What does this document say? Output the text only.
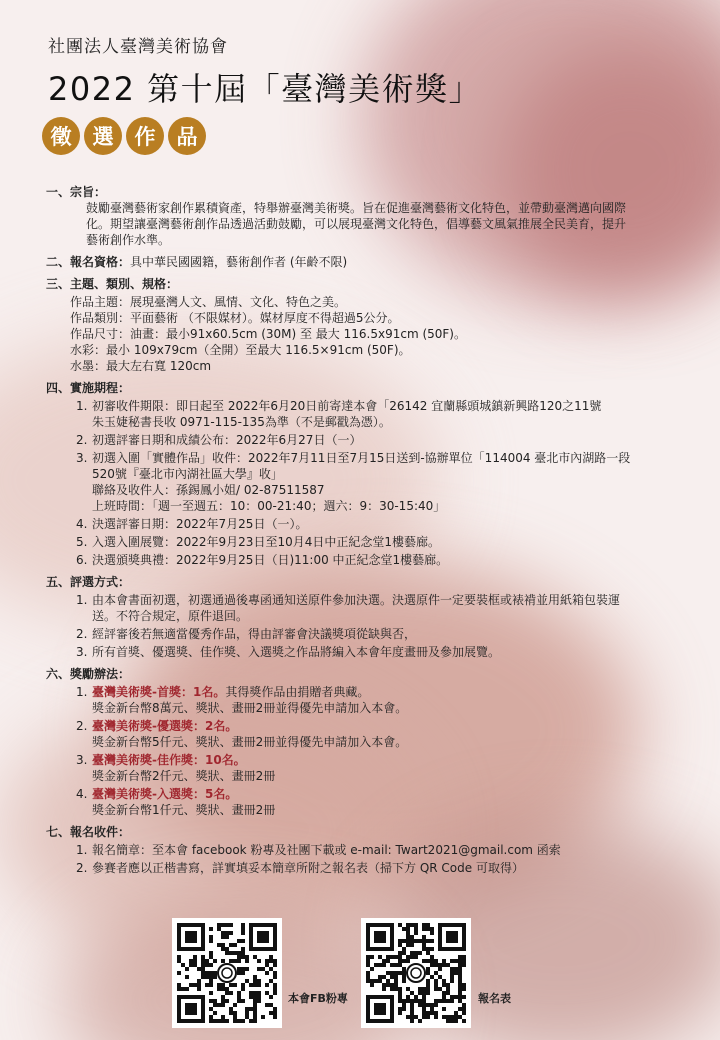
社團法人臺灣美術協會
2022 第十屆「臺灣美術獎」
徵	選	作	品
一、宗旨：
鼓勵臺灣藝術家創作累積資產，特舉辦臺灣美術獎。旨在促進臺灣藝術文化特色，並帶動臺灣邁向國際
化。期望讓臺灣藝術創作品透過活動鼓勵，可以展現臺灣文化特色，倡導藝文風氣推展全民美育，提升
藝術創作水準。
二、報名資格：具中華民國國籍，藝術創作者 (年齡不限)
三、主題、類別、規格：
作品主題：展現臺灣人文、風情、文化、特色之美。
作品類別：平面藝術 （不限媒材）。媒材厚度不得超過5公分。
作品尺寸：油畫：最小91x60.5cm (30M) 至 最大 116.5x91cm (50F)。
水彩：最小 109x79cm（全開）至最大 116.5×91cm (50F)。
水墨：最大左右寬 120cm
四、實施期程：
1. 初審收件期限：即日起至 2022年6月20日前寄達本會「26142 宜蘭縣頭城鎮新興路120之11號
朱玉婕秘書長收 0971-115-135為準（不是郵戳為憑）。
2. 初選評審日期和成績公布：2022年6月27日（一）
3. 初選入圍「實體作品」收件：2022年7月11日至7月15日送到-協辦單位「114004 臺北市內湖路一段
520號『臺北市內湖社區大學』收」
聯絡及收件人：孫錫鳳小姐/ 02-87511587
上班時間：「週一至週五：10：00-21:40；週六：9：30-15:40」
4. 決選評審日期：2022年7月25日（一）。
5. 入選入圍展覽：2022年9月23日至10月4日中正紀念堂1樓藝廊。
6. 決選頒獎典禮：2022年9月25日（日)11:00 中正紀念堂1樓藝廊。
五、評選方式：
1. 由本會書面初選，初選通過後專函通知送原件參加決選。決選原件一定要裝框或裱褙並用紙箱包裝運
送。不符合規定，原件退回。
2. 經評審後若無適當優秀作品，得由評審會決議獎項從缺與否，
3. 所有首獎、優選獎、佳作獎、入選獎之作品將編入本會年度畫冊及參加展覽。
六、獎勵辦法：
1. 臺灣美術獎-首獎：1名。其得獎作品由捐贈者典藏。
獎金新台幣8萬元、獎狀、畫冊2冊並得優先申請加入本會。
2. 臺灣美術獎-優選獎：2名。
獎金新台幣5仟元、獎狀、畫冊2冊並得優先申請加入本會。
3. 臺灣美術獎-佳作獎：10名。
獎金新台幣2仟元、獎狀、畫冊2冊
4. 臺灣美術獎-入選獎：5名。
獎金新台幣1仟元、獎狀、畫冊2冊
七、報名收件：
1. 報名簡章：至本會 facebook 粉專及社團下載或 e-mail: Twart2021@gmail.com 函索
2. 參賽者應以正楷書寫，詳實填妥本簡章所附之報名表（掃下方 QR Code 可取得）
本會FB粉專	報名表
